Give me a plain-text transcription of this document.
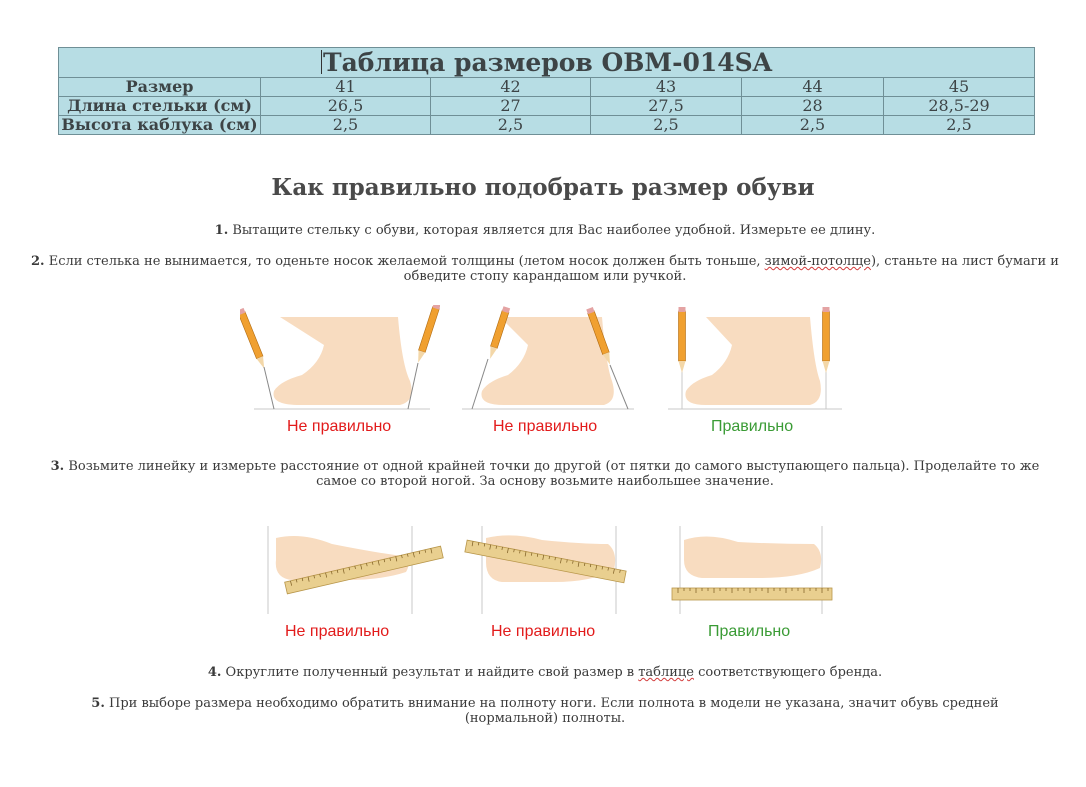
Таблица размеров OBM-014SA					
Размер	41	42	43	44	45
Длина стельки (см)	26,5	27	27,5	28	28,5-29
Высота каблука (см)	2,5	2,5	2,5	2,5	2,5
Как правильно подобрать размер обуви

1. Вытащите стельку с обуви, которая является для Вас наиболее удобной. Измерьте ее длину.

2. Если стелька не вынимается, то оденьте носок желаемой толщины (летом носок должен быть тоньше, зимой-потолще), станьте на лист бумаги и обведите стопу карандашом или ручкой.

Не правильно	Не правильно	Правильно

3. Возьмите линейку и измерьте расстояние от одной крайней точки до другой (от пятки до самого выступающего пальца). Проделайте то же самое со второй ногой. За основу возьмите наибольшее значение.

Не правильно	Не правильно	Правильно

4. Округлите полученный результат и найдите свой размер в таблице соответствующего бренда.

5. При выборе размера необходимо обратить внимание на полноту ноги. Если полнота в модели не указана, значит обувь средней (нормальной) полноты.
